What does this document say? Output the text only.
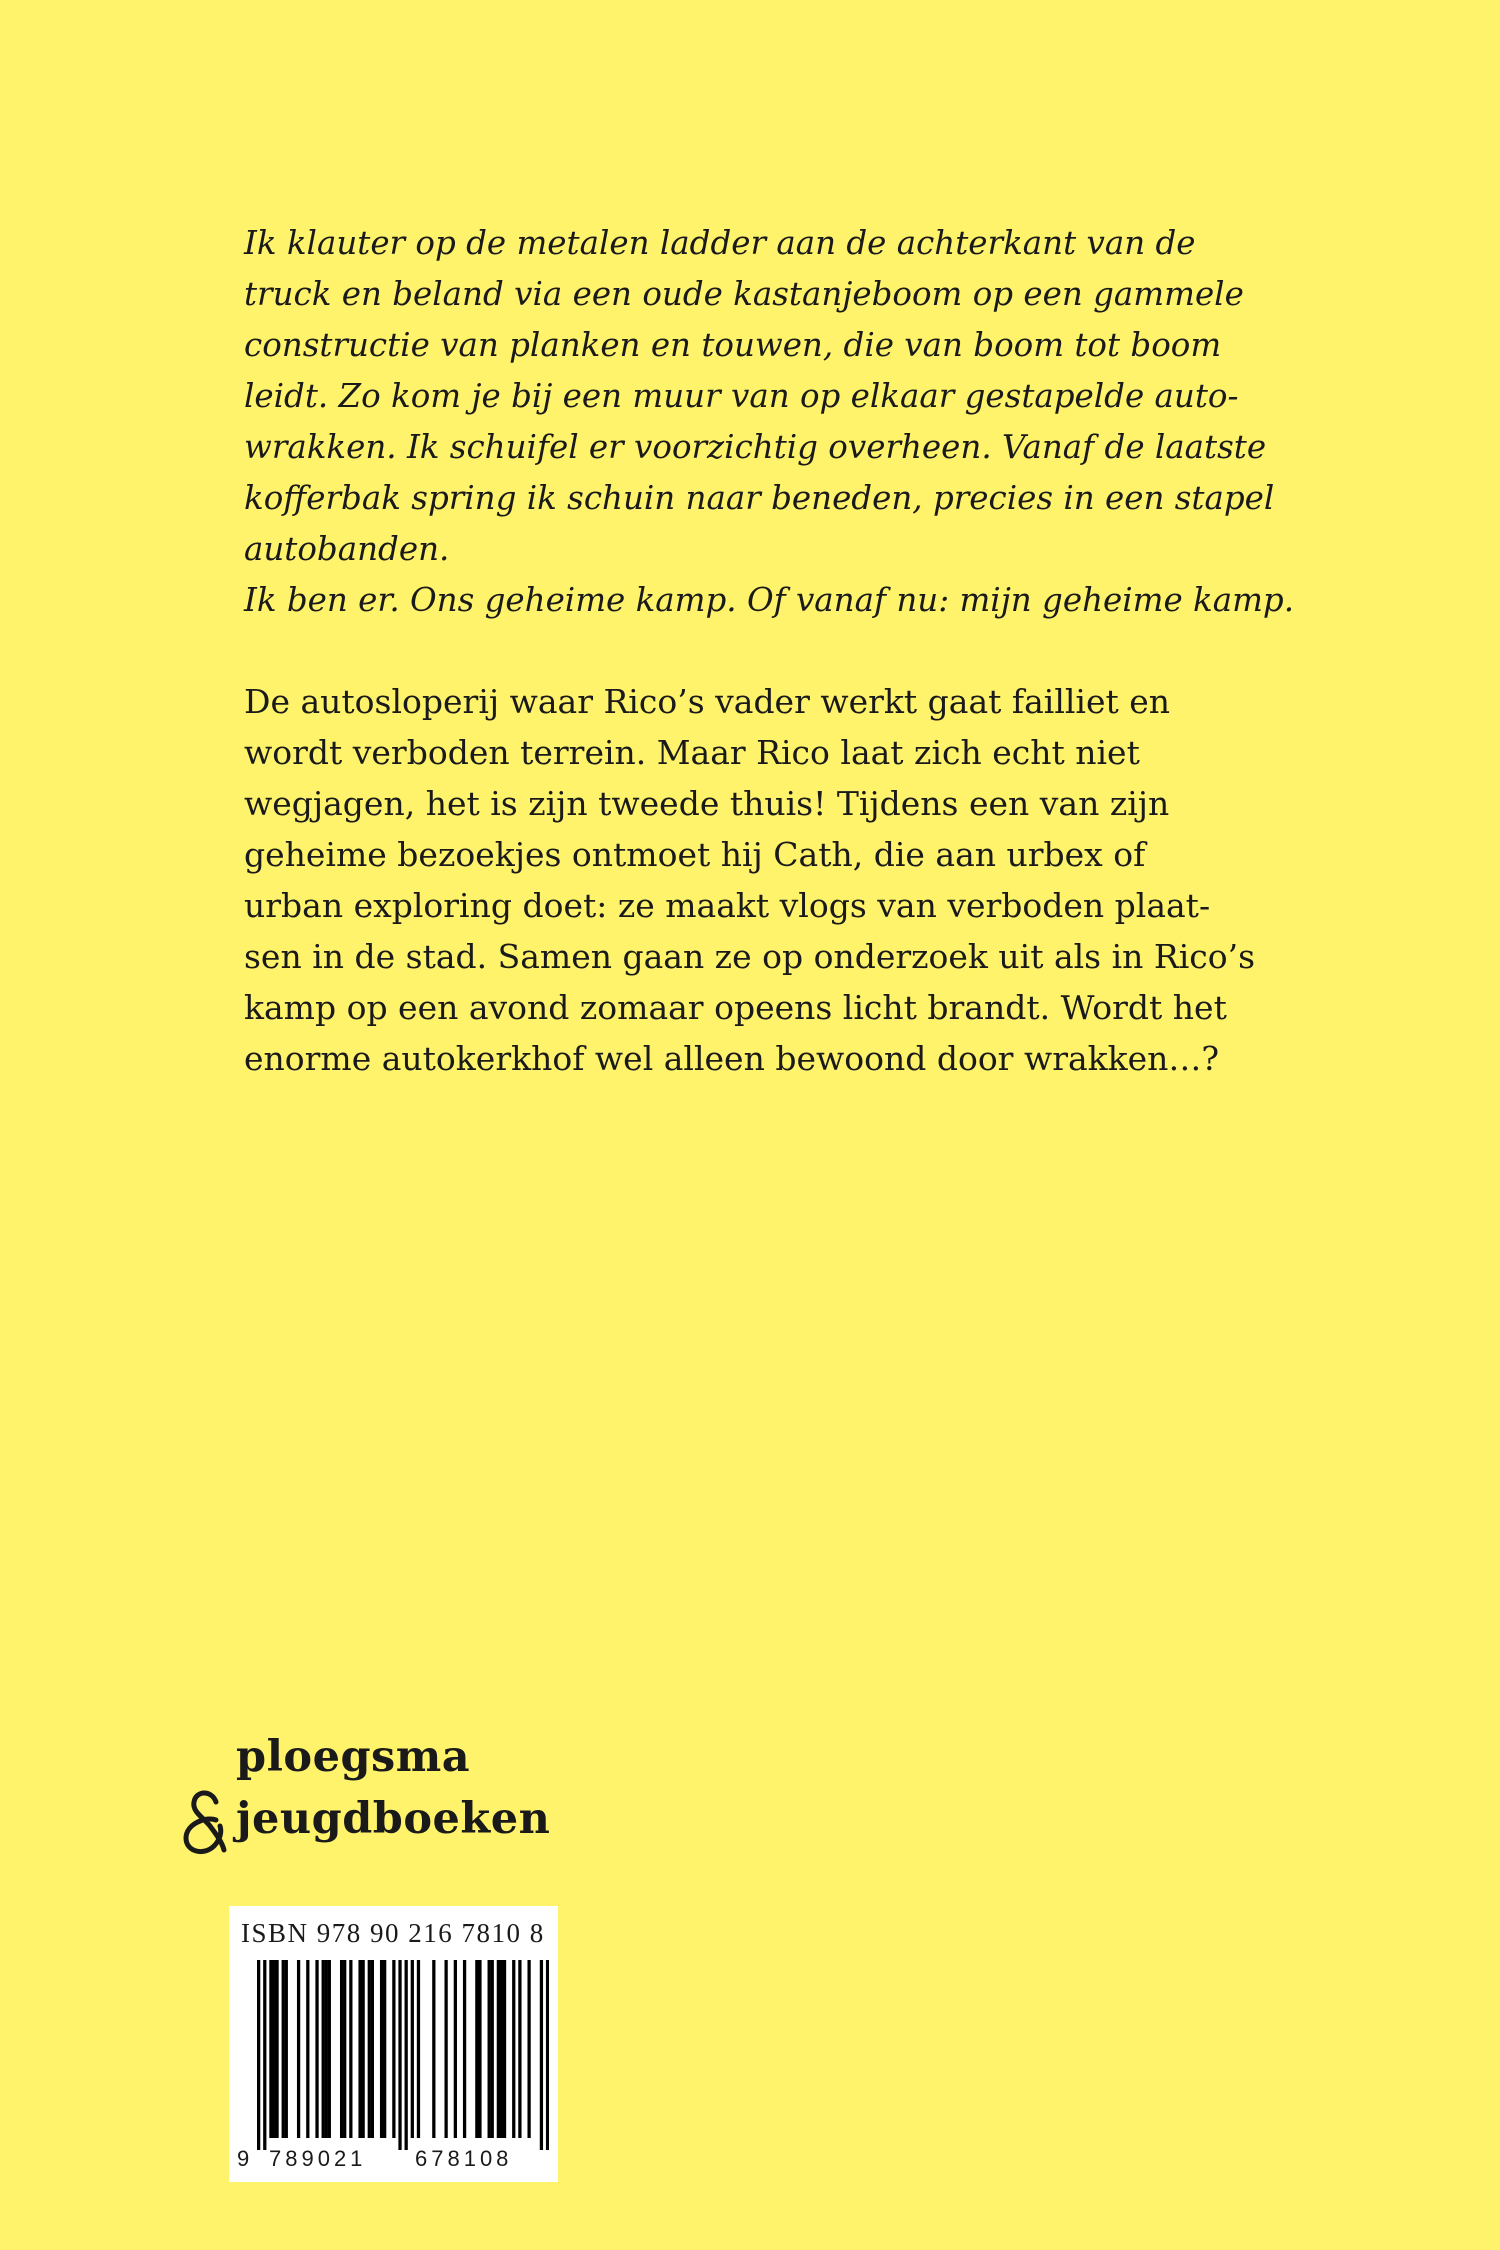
Ik klauter op de metalen ladder aan de achterkant van de
truck en beland via een oude kastanjeboom op een gammele
constructie van planken en touwen, die van boom tot boom
leidt. Zo kom je bij een muur van op elkaar gestapelde auto-
wrakken. Ik schuifel er voorzichtig overheen. Vanaf de laatste
kofferbak spring ik schuin naar beneden, precies in een stapel
autobanden.
Ik ben er. Ons geheime kamp. Of vanaf nu: mijn geheime kamp.
De autosloperij waar Rico’s vader werkt gaat failliet en
wordt verboden terrein. Maar Rico laat zich echt niet
wegjagen, het is zijn tweede thuis! Tijdens een van zijn
geheime bezoekjes ontmoet hij Cath, die aan urbex of
urban exploring doet: ze maakt vlogs van verboden plaat-
sen in de stad. Samen gaan ze op onderzoek uit als in Rico’s
kamp op een avond zomaar opeens licht brandt. Wordt het
enorme autokerkhof wel alleen bewoond door wrakken…?
ploegsma
jeugdboeken
ISBN 978 90 216 7810 8
9 789021 678108
